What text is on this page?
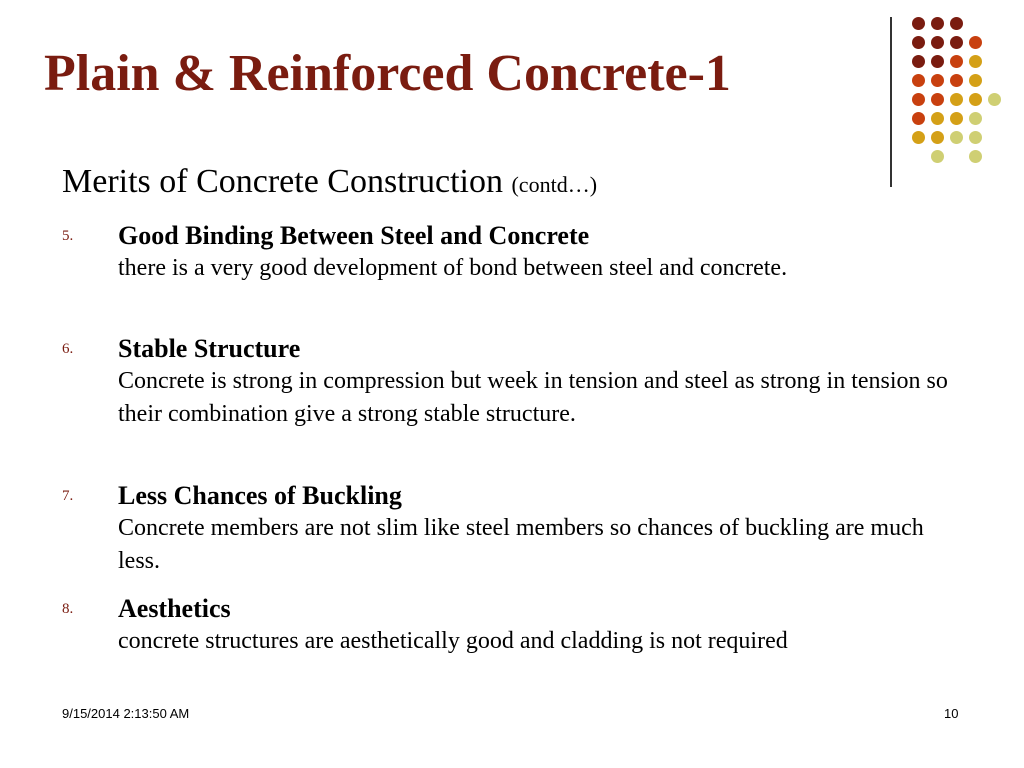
Plain & Reinforced Concrete-1
Merits of Concrete Construction (contd…)
5. Good Binding Between Steel and Concrete
there is a very good development of bond between steel and concrete.
6. Stable Structure
Concrete is strong in compression but week in tension and steel as strong in tension so their combination give a strong stable structure.
7. Less Chances of Buckling
Concrete members are not slim like steel members so chances of buckling are much less.
8. Aesthetics
concrete structures are aesthetically good and cladding is not required
9/15/2014 2:13:50 AM	10
